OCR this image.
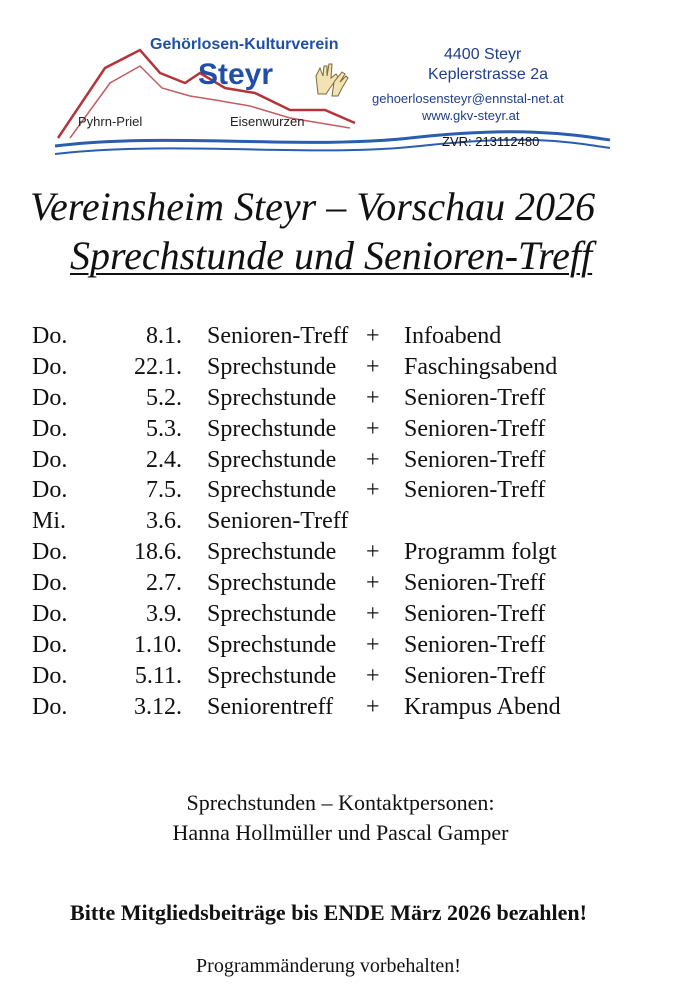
Gehörlosen-Kulturverein
Steyr
Pyhrn-Priel	Eisenwurzen
4400 Steyr
Keplerstrasse 2a
gehoerlosensteyr@ennstal-net.at
www.gkv-steyr.at
ZVR: 213112480
Vereinsheim Steyr – Vorschau 2026
Sprechstunde und Senioren-Treff
Do.	8.1. Senioren-Treff + Infoabend
Do.	22.1. Sprechstunde + Faschingsabend
Do.	5.2. Sprechstunde + Senioren-Treff
Do.	5.3. Sprechstunde + Senioren-Treff
Do.	2.4. Sprechstunde + Senioren-Treff
Do.	7.5. Sprechstunde + Senioren-Treff
Mi.	3.6. Senioren-Treff
Do.	18.6. Sprechstunde + Programm folgt
Do.	2.7. Sprechstunde + Senioren-Treff
Do.	3.9. Sprechstunde + Senioren-Treff
Do.	1.10. Sprechstunde + Senioren-Treff
Do.	5.11. Sprechstunde + Senioren-Treff
Do.	3.12. Seniorentreff + Krampus Abend
Sprechstunden – Kontaktpersonen:
Hanna Hollmüller und Pascal Gamper
Bitte Mitgliedsbeiträge bis ENDE März 2026 bezahlen!
Programmänderung vorbehalten!
